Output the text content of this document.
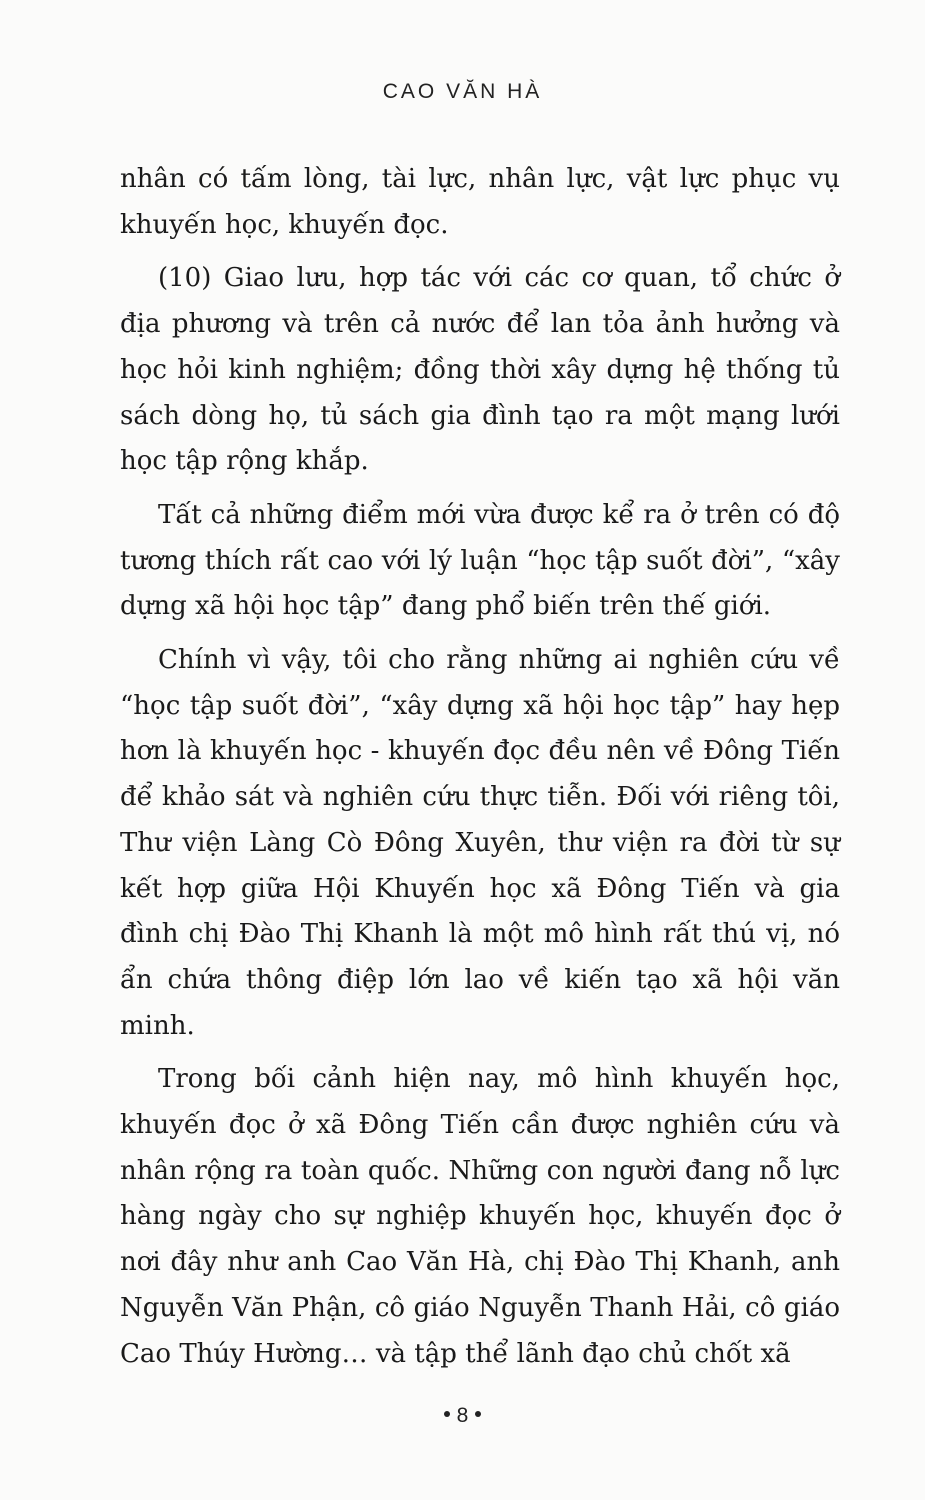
CAO VĂN HÀ

nhân có tấm lòng, tài lực, nhân lực, vật lực phục vụ khuyến học, khuyến đọc.

(10) Giao lưu, hợp tác với các cơ quan, tổ chức ở địa phương và trên cả nước để lan tỏa ảnh hưởng và học hỏi kinh nghiệm; đồng thời xây dựng hệ thống tủ sách dòng họ, tủ sách gia đình tạo ra một mạng lưới học tập rộng khắp.

Tất cả những điểm mới vừa được kể ra ở trên có độ tương thích rất cao với lý luận “học tập suốt đời”, “xây dựng xã hội học tập” đang phổ biến trên thế giới.

Chính vì vậy, tôi cho rằng những ai nghiên cứu về “học tập suốt đời”, “xây dựng xã hội học tập” hay hẹp hơn là khuyến học - khuyến đọc đều nên về Đông Tiến để khảo sát và nghiên cứu thực tiễn. Đối với riêng tôi, Thư viện Làng Cò Đông Xuyên, thư viện ra đời từ sự kết hợp giữa Hội Khuyến học xã Đông Tiến và gia đình chị Đào Thị Khanh là một mô hình rất thú vị, nó ẩn chứa thông điệp lớn lao về kiến tạo xã hội văn minh.

Trong bối cảnh hiện nay, mô hình khuyến học, khuyến đọc ở xã Đông Tiến cần được nghiên cứu và nhân rộng ra toàn quốc. Những con người đang nỗ lực hàng ngày cho sự nghiệp khuyến học, khuyến đọc ở nơi đây như anh Cao Văn Hà, chị Đào Thị Khanh, anh Nguyễn Văn Phận, cô giáo Nguyễn Thanh Hải, cô giáo Cao Thúy Hường… và tập thể lãnh đạo chủ chốt xã

8
